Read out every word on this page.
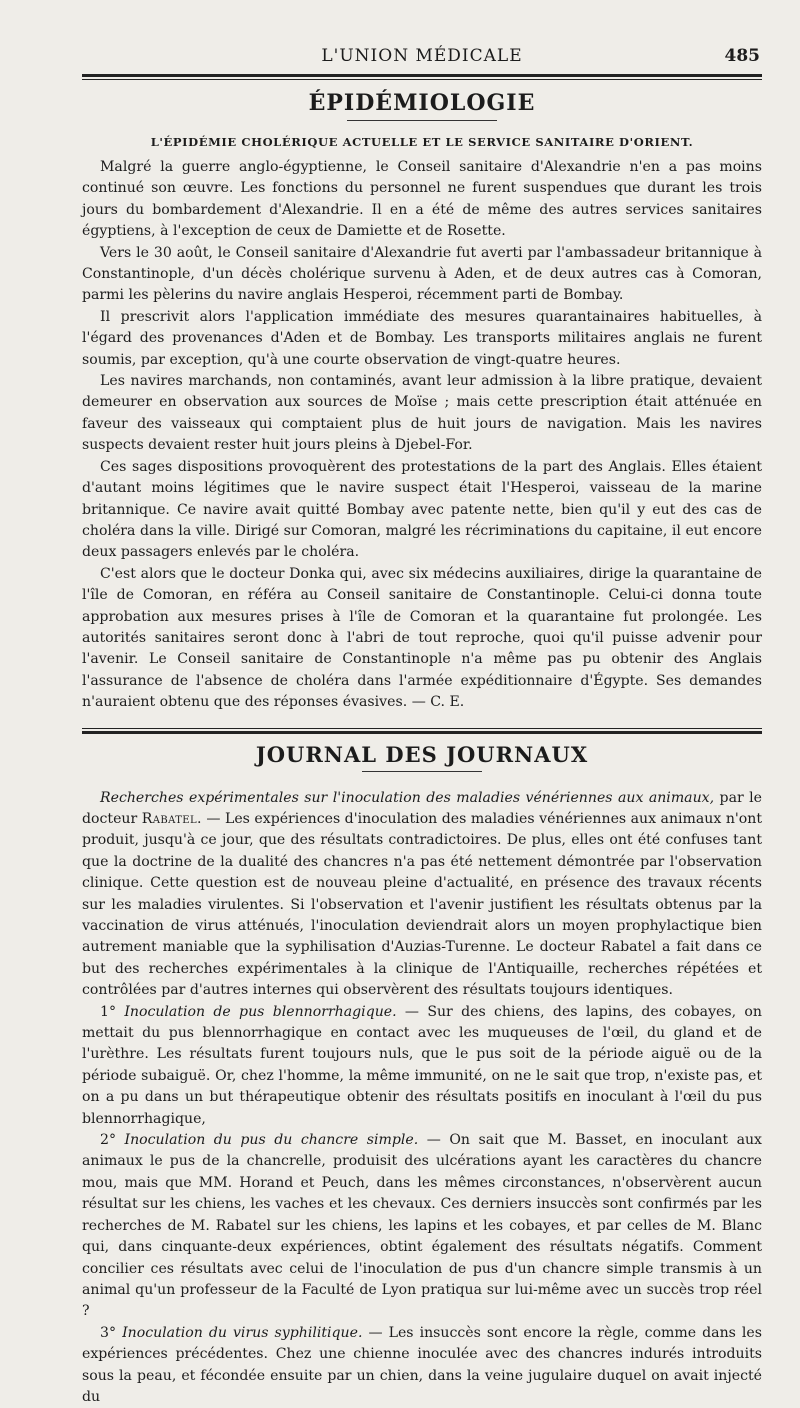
L'UNION MÉDICALE	485
ÉPIDÉMIOLOGIE
L'ÉPIDÉMIE CHOLÉRIQUE ACTUELLE ET LE SERVICE SANITAIRE D'ORIENT.

Malgré la guerre anglo-égyptienne, le Conseil sanitaire d'Alexandrie n'en a pas moins continué son œuvre. Les fonctions du personnel ne furent suspendues que durant les trois jours du bombardement d'Alexandrie. Il en a été de même des autres services sanitaires égyptiens, à l'exception de ceux de Damiette et de Rosette.

Vers le 30 août, le Conseil sanitaire d'Alexandrie fut averti par l'ambassadeur britannique à Constantinople, d'un décès cholérique survenu à Aden, et de deux autres cas à Comoran, parmi les pèlerins du navire anglais Hesperoi, récemment parti de Bombay.

Il prescrivit alors l'application immédiate des mesures quarantainaires habituelles, à l'égard des provenances d'Aden et de Bombay. Les transports militaires anglais ne furent soumis, par exception, qu'à une courte observation de vingt-quatre heures.

Les navires marchands, non contaminés, avant leur admission à la libre pratique, devaient demeurer en observation aux sources de Moïse ; mais cette prescription était atténuée en faveur des vaisseaux qui comptaient plus de huit jours de navigation. Mais les navires suspects devaient rester huit jours pleins à Djebel-For.

Ces sages dispositions provoquèrent des protestations de la part des Anglais. Elles étaient d'autant moins légitimes que le navire suspect était l'Hesperoi, vaisseau de la marine britannique. Ce navire avait quitté Bombay avec patente nette, bien qu'il y eut des cas de choléra dans la ville. Dirigé sur Comoran, malgré les récriminations du capitaine, il eut encore deux passagers enlevés par le choléra.

C'est alors que le docteur Donka qui, avec six médecins auxiliaires, dirige la quarantaine de l'île de Comoran, en référa au Conseil sanitaire de Constantinople. Celui-ci donna toute approbation aux mesures prises à l'île de Comoran et la quarantaine fut prolongée. Les autorités sanitaires seront donc à l'abri de tout reproche, quoi qu'il puisse advenir pour l'avenir. Le Conseil sanitaire de Constantinople n'a même pas pu obtenir des Anglais l'assurance de l'absence de choléra dans l'armée expéditionnaire d'Égypte. Ses demandes n'auraient obtenu que des réponses évasives. — C. E.

JOURNAL DES JOURNAUX

Recherches expérimentales sur l'inoculation des maladies vénériennes aux animaux, par le docteur Rabatel. — Les expériences d'inoculation des maladies vénériennes aux animaux n'ont produit, jusqu'à ce jour, que des résultats contradictoires. De plus, elles ont été confuses tant que la doctrine de la dualité des chancres n'a pas été nettement démontrée par l'observation clinique. Cette question est de nouveau pleine d'actualité, en présence des travaux récents sur les maladies virulentes. Si l'observation et l'avenir justifient les résultats obtenus par la vaccination de virus atténués, l'inoculation deviendrait alors un moyen prophylactique bien autrement maniable que la syphilisation d'Auzias-Turenne. Le docteur Rabatel a fait dans ce but des recherches expérimentales à la clinique de l'Antiquaille, recherches répétées et contrôlées par d'autres internes qui observèrent des résultats toujours identiques.

1° Inoculation de pus blennorrhagique. — Sur des chiens, des lapins, des cobayes, on mettait du pus blennorrhagique en contact avec les muqueuses de l'œil, du gland et de l'urèthre. Les résultats furent toujours nuls, que le pus soit de la période aiguë ou de la période subaiguë. Or, chez l'homme, la même immunité, on ne le sait que trop, n'existe pas, et on a pu dans un but thérapeutique obtenir des résultats positifs en inoculant à l'œil du pus blennorrhagique,

2° Inoculation du pus du chancre simple. — On sait que M. Basset, en inoculant aux animaux le pus de la chancrelle, produisit des ulcérations ayant les caractères du chancre mou, mais que MM. Horand et Peuch, dans les mêmes circonstances, n'observèrent aucun résultat sur les chiens, les vaches et les chevaux. Ces derniers insuccès sont confirmés par les recherches de M. Rabatel sur les chiens, les lapins et les cobayes, et par celles de M. Blanc qui, dans cinquante-deux expériences, obtint également des résultats négatifs. Comment concilier ces résultats avec celui de l'inoculation de pus d'un chancre simple transmis à un animal qu'un professeur de la Faculté de Lyon pratiqua sur lui-même avec un succès trop réel ?

3° Inoculation du virus syphilitique. — Les insuccès sont encore la règle, comme dans les expériences précédentes. Chez une chienne inoculée avec des chancres indurés introduits sous la peau, et fécondée ensuite par un chien, dans la veine jugulaire duquel on avait injecté du
